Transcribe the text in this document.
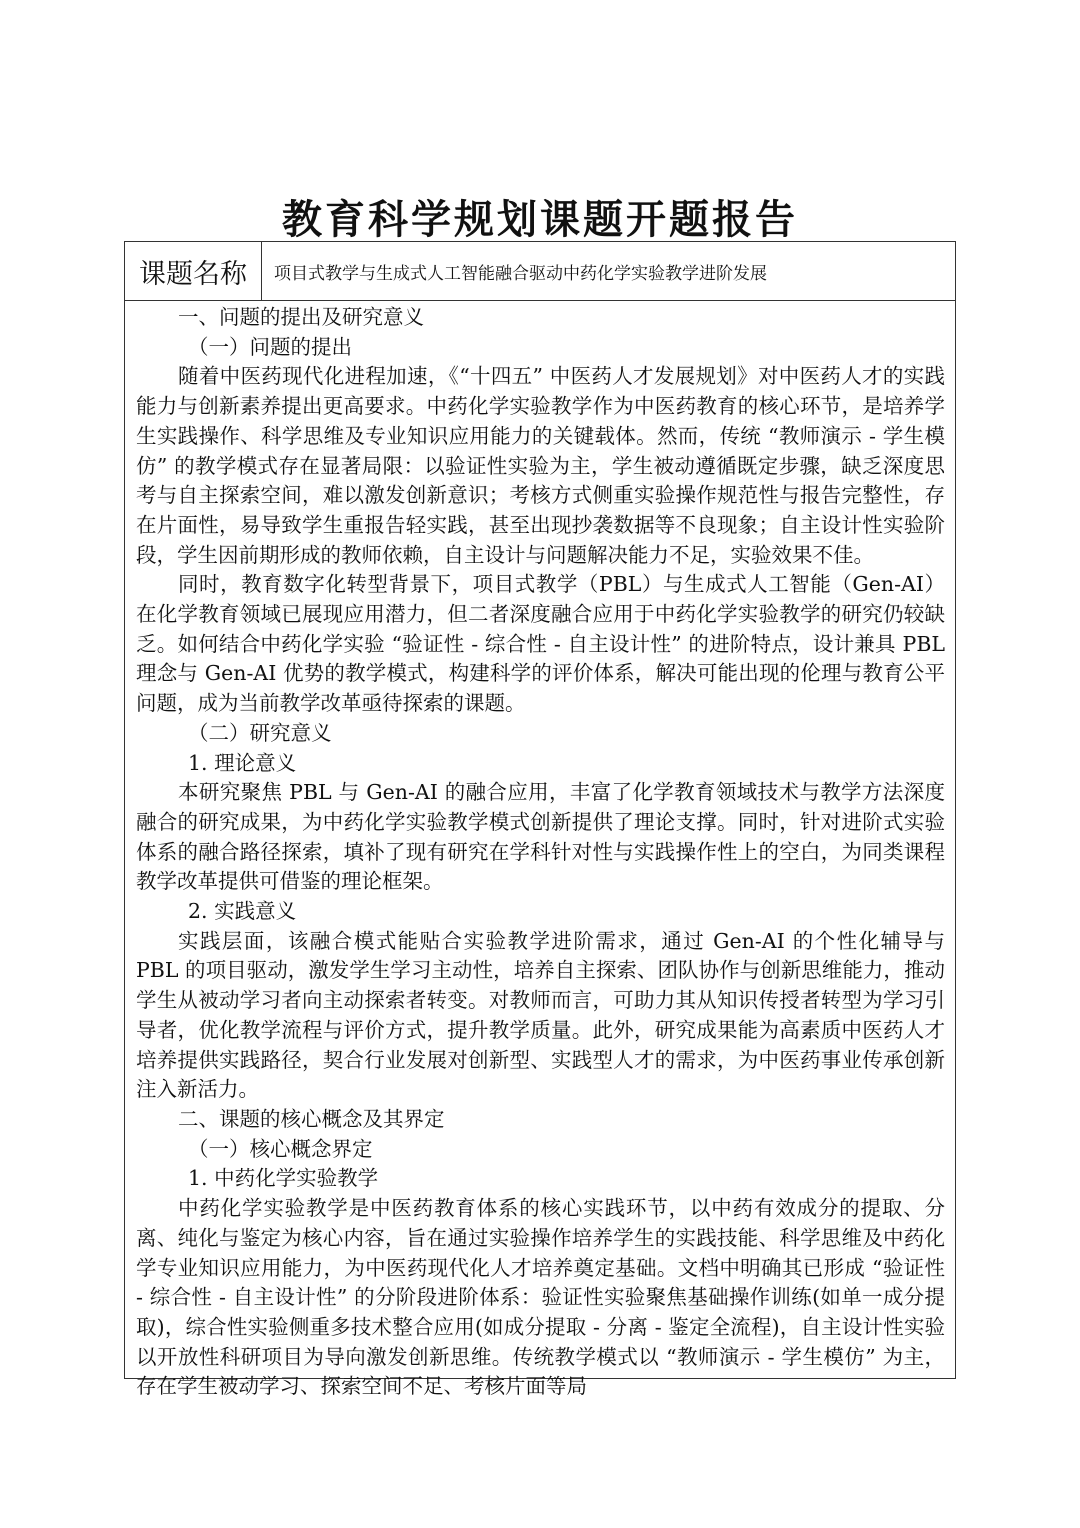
教育科学规划课题开题报告
课题名称	项目式教学与生成式人工智能融合驱动中药化学实验教学进阶发展

一、问题的提出及研究意义

（一）问题的提出

随着中医药现代化进程加速，《“十四五” 中医药人才发展规划》对中医药人才的实践能力与创新素养提出更高要求。中药化学实验教学作为中医药教育的核心环节，是培养学生实践操作、科学思维及专业知识应用能力的关键载体。然而，传统 “教师演示 - 学生模仿” 的教学模式存在显著局限：以验证性实验为主，学生被动遵循既定步骤，缺乏深度思考与自主探索空间，难以激发创新意识；考核方式侧重实验操作规范性与报告完整性，存在片面性，易导致学生重报告轻实践，甚至出现抄袭数据等不良现象；自主设计性实验阶段，学生因前期形成的教师依赖，自主设计与问题解决能力不足，实验效果不佳。

同时，教育数字化转型背景下，项目式教学（PBL）与生成式人工智能（Gen-AI）在化学教育领域已展现应用潜力，但二者深度融合应用于中药化学实验教学的研究仍较缺乏。如何结合中药化学实验 “验证性 - 综合性 - 自主设计性” 的进阶特点，设计兼具 PBL 理念与 Gen-AI 优势的教学模式，构建科学的评价体系，解决可能出现的伦理与教育公平问题，成为当前教学改革亟待探索的课题。

（二）研究意义

1. 理论意义

本研究聚焦 PBL 与 Gen-AI 的融合应用，丰富了化学教育领域技术与教学方法深度融合的研究成果，为中药化学实验教学模式创新提供了理论支撑。同时，针对进阶式实验体系的融合路径探索，填补了现有研究在学科针对性与实践操作性上的空白，为同类课程教学改革提供可借鉴的理论框架。

2. 实践意义

实践层面，该融合模式能贴合实验教学进阶需求，通过 Gen-AI 的个性化辅导与 PBL 的项目驱动，激发学生学习主动性，培养自主探索、团队协作与创新思维能力，推动学生从被动学习者向主动探索者转变。对教师而言，可助力其从知识传授者转型为学习引导者，优化教学流程与评价方式，提升教学质量。此外，研究成果能为高素质中医药人才培养提供实践路径，契合行业发展对创新型、实践型人才的需求，为中医药事业传承创新注入新活力。

二、课题的核心概念及其界定

（一）核心概念界定

1. 中药化学实验教学

中药化学实验教学是中医药教育体系的核心实践环节，以中药有效成分的提取、分离、纯化与鉴定为核心内容，旨在通过实验操作培养学生的实践技能、科学思维及中药化学专业知识应用能力，为中医药现代化人才培养奠定基础。文档中明确其已形成 “验证性 - 综合性 - 自主设计性” 的分阶段进阶体系：验证性实验聚焦基础操作训练(如单一成分提取)，综合性实验侧重多技术整合应用(如成分提取 - 分离 - 鉴定全流程)，自主设计性实验以开放性科研项目为导向激发创新思维。传统教学模式以 “教师演示 - 学生模仿” 为主，存在学生被动学习、探索空间不足、考核片面等局
